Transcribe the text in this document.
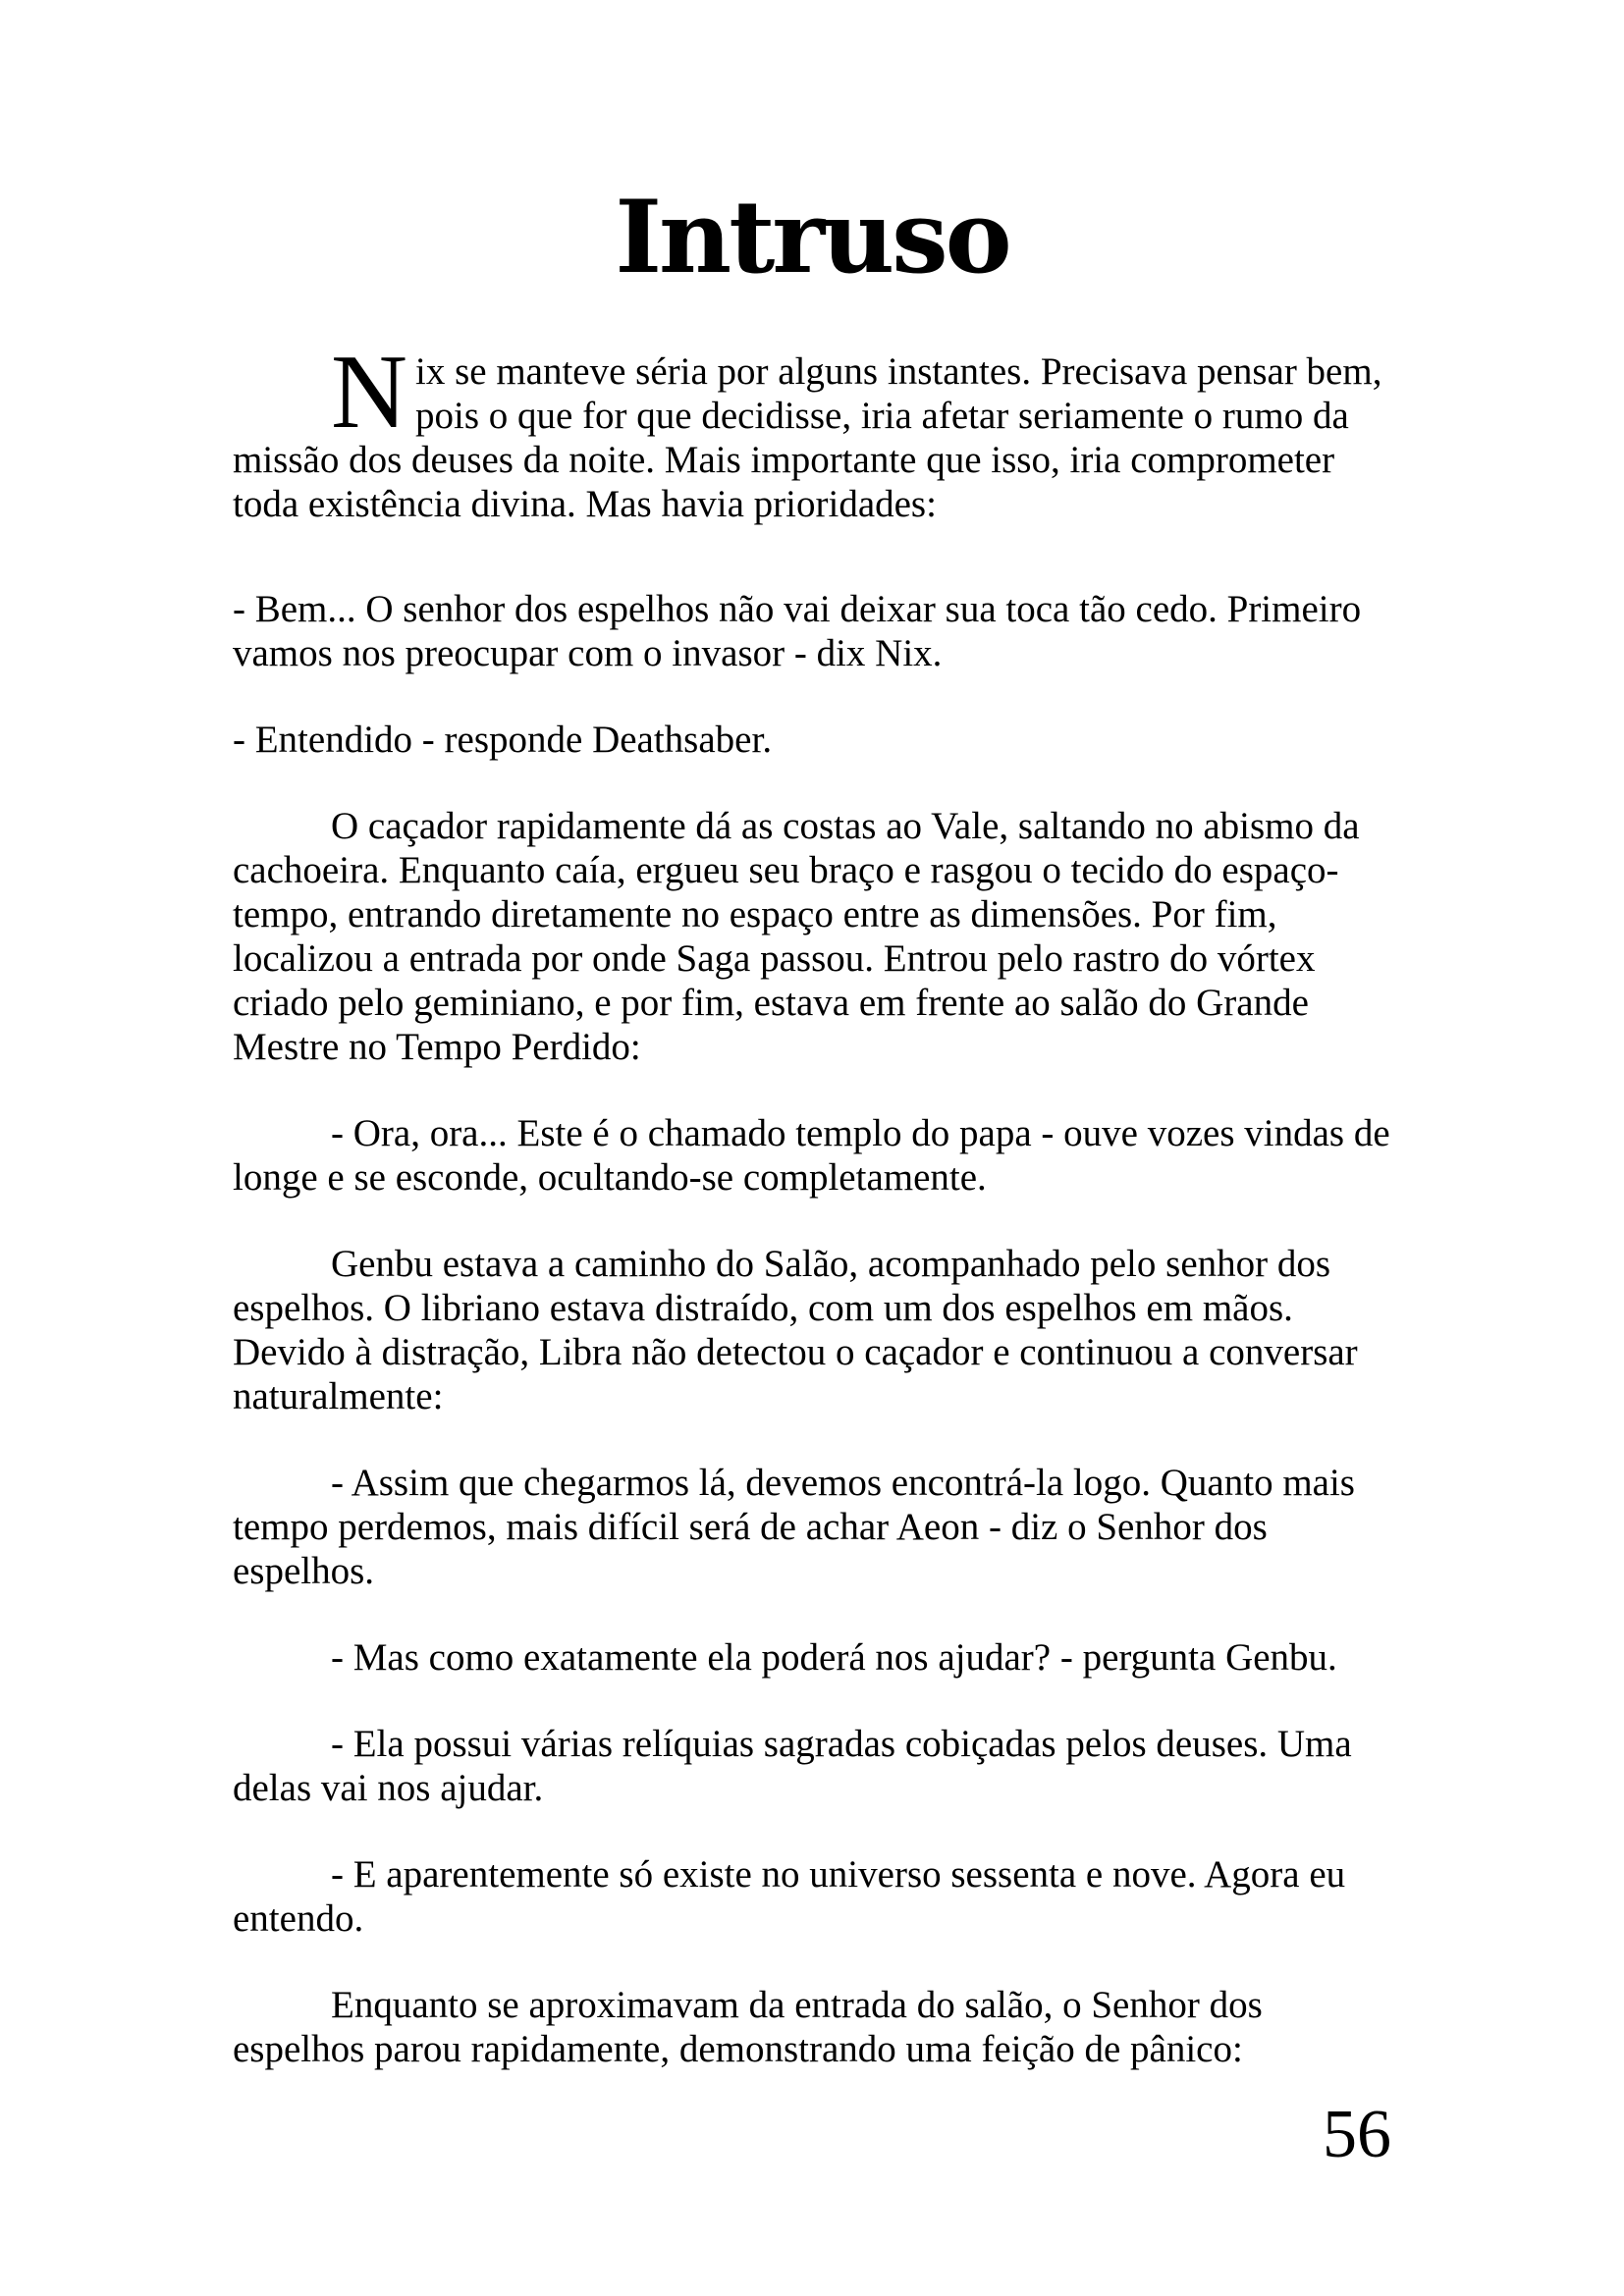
Intruso

Nix se manteve séria por alguns instantes. Precisava pensar bem, pois o que for que decidisse, iria afetar seriamente o rumo da missão dos deuses da noite. Mais importante que isso, iria comprometer toda existência divina. Mas havia prioridades:

- Bem... O senhor dos espelhos não vai deixar sua toca tão cedo. Primeiro vamos nos preocupar com o invasor - dix Nix.

- Entendido - responde Deathsaber.

O caçador rapidamente dá as costas ao Vale, saltando no abismo da cachoeira. Enquanto caía, ergueu seu braço e rasgou o tecido do espaço-tempo, entrando diretamente no espaço entre as dimensões. Por fim, localizou a entrada por onde Saga passou. Entrou pelo rastro do vórtex criado pelo geminiano, e por fim, estava em frente ao salão do Grande Mestre no Tempo Perdido:

- Ora, ora... Este é o chamado templo do papa - ouve vozes vindas de longe e se esconde, ocultando-se completamente.

Genbu estava a caminho do Salão, acompanhado pelo senhor dos espelhos. O libriano estava distraído, com um dos espelhos em mãos. Devido à distração, Libra não detectou o caçador e continuou a conversar naturalmente:

- Assim que chegarmos lá, devemos encontrá-la logo. Quanto mais tempo perdemos, mais difícil será de achar Aeon - diz o Senhor dos espelhos.

- Mas como exatamente ela poderá nos ajudar? - pergunta Genbu.

- Ela possui várias relíquias sagradas cobiçadas pelos deuses. Uma delas vai nos ajudar.

- E aparentemente só existe no universo sessenta e nove. Agora eu entendo.

Enquanto se aproximavam da entrada do salão, o Senhor dos espelhos parou rapidamente, demonstrando uma feição de pânico:

56
